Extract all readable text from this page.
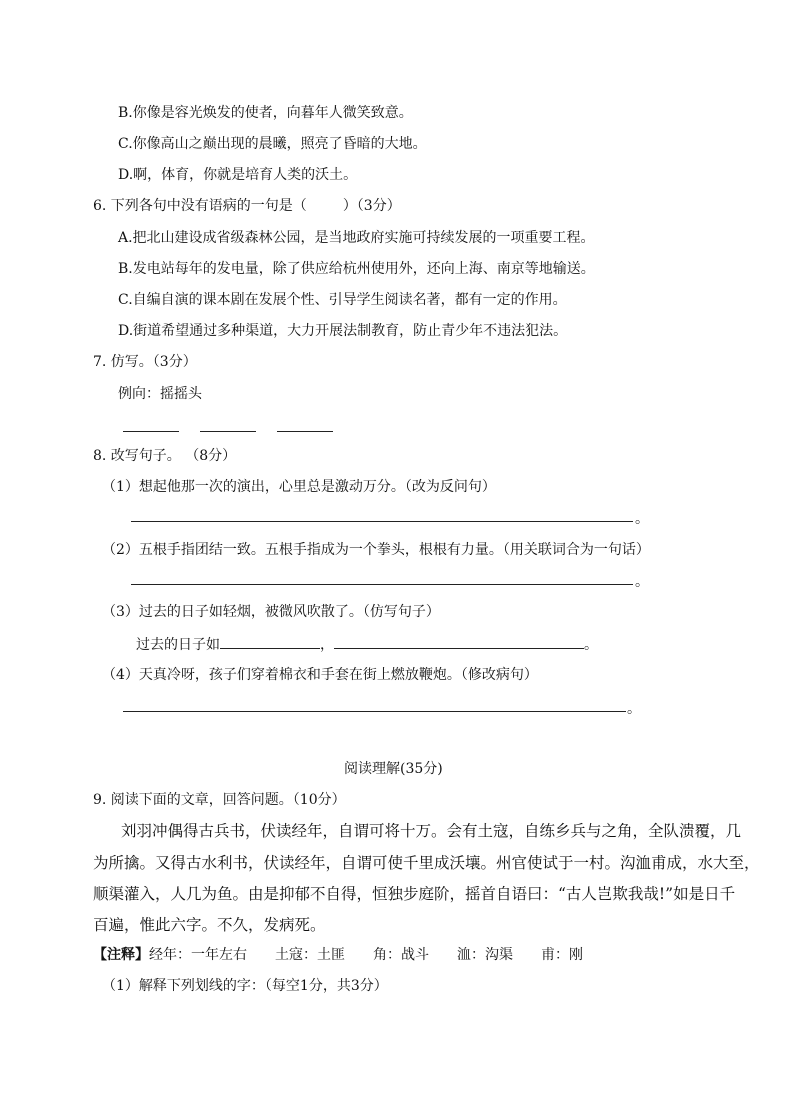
B.你像是容光焕发的使者，向暮年人微笑致意。
C.你像高山之巅出现的晨曦，照亮了昏暗的大地。
D.啊，体育，你就是培育人类的沃土。
6. 下列各句中没有语病的一句是（	）（3分）
A.把北山建设成省级森林公园，是当地政府实施可持续发展的一项重要工程。
B.发电站每年的发电量，除了供应给杭州使用外，还向上海、南京等地输送。
C.自编自演的课本剧在发展个性、引导学生阅读名著，都有一定的作用。
D.街道希望通过多种渠道，大力开展法制教育，防止青少年不违法犯法。
7. 仿写。（3分）
例向：摇摇头
8. 改写句子。 （8分）
（1）想起他那一次的演出，心里总是激动万分。（改为反问句）
。
（2）五根手指团结一致。五根手指成为一个拳头，根根有力量。（用关联词合为一句话）
。
（3）过去的日子如轻烟，被微风吹散了。（仿写句子）
过去的日子如	，	。
（4）天真冷呀，孩子们穿着棉衣和手套在街上燃放鞭炮。（修改病句）
。
阅读理解(35分)
9. 阅读下面的文章，回答问题。（10分）
刘羽冲偶得古兵书，伏读经年，自谓可将十万。会有土寇，自练乡兵与之角，全队溃覆，几
为所擒。又得古水利书，伏读经年，自谓可使千里成沃壤。州官使试于一村。沟洫甫成，水大至，
顺渠灌入，人几为鱼。由是抑郁不自得，恒独步庭阶，摇首自语曰：“古人岂欺我哉!”如是日千
百遍，惟此六字。不久，发病死。
【注释】经年：一年左右　　土寇：土匪　　角：战斗　　洫：沟渠　　甫：刚
（1）解释下列划线的字：（每空1分，共3分）
